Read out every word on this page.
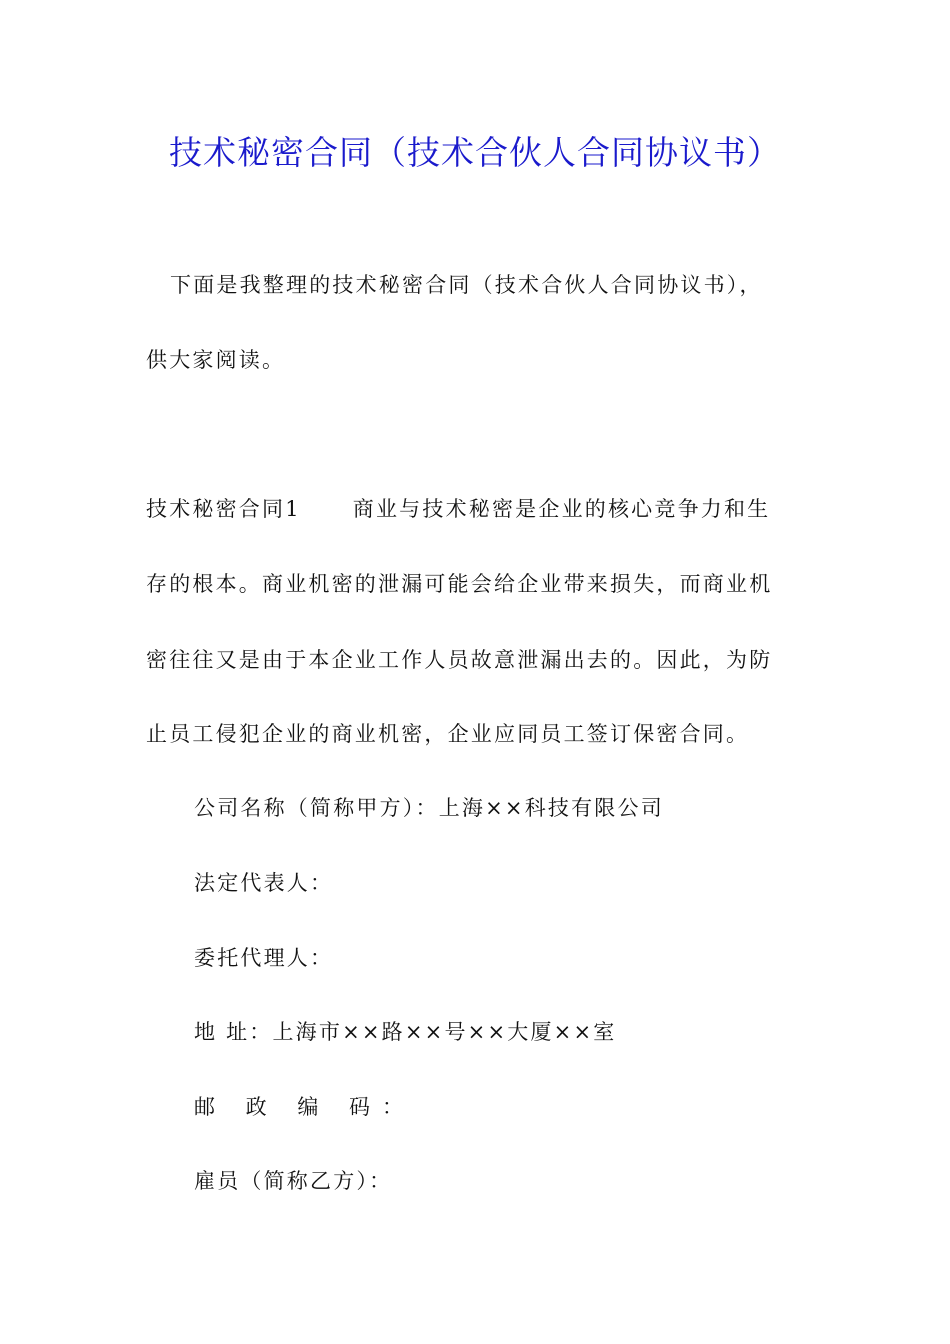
技术秘密合同（技术合伙人合同协议书）
下面是我整理的技术秘密合同（技术合伙人合同协议书），
供大家阅读。
技术秘密合同1 商业与技术秘密是企业的核心竞争力和生
存的根本。商业机密的泄漏可能会给企业带来损失，而商业机
密往往又是由于本企业工作人员故意泄漏出去的。因此，为防
止员工侵犯企业的商业机密，企业应同员工签订保密合同。
公司名称（简称甲方）：上海××科技有限公司
法定代表人：
委托代理人：
地 址：上海市××路××号××大厦××室
邮 政 编 码：
雇员（简称乙方）：
